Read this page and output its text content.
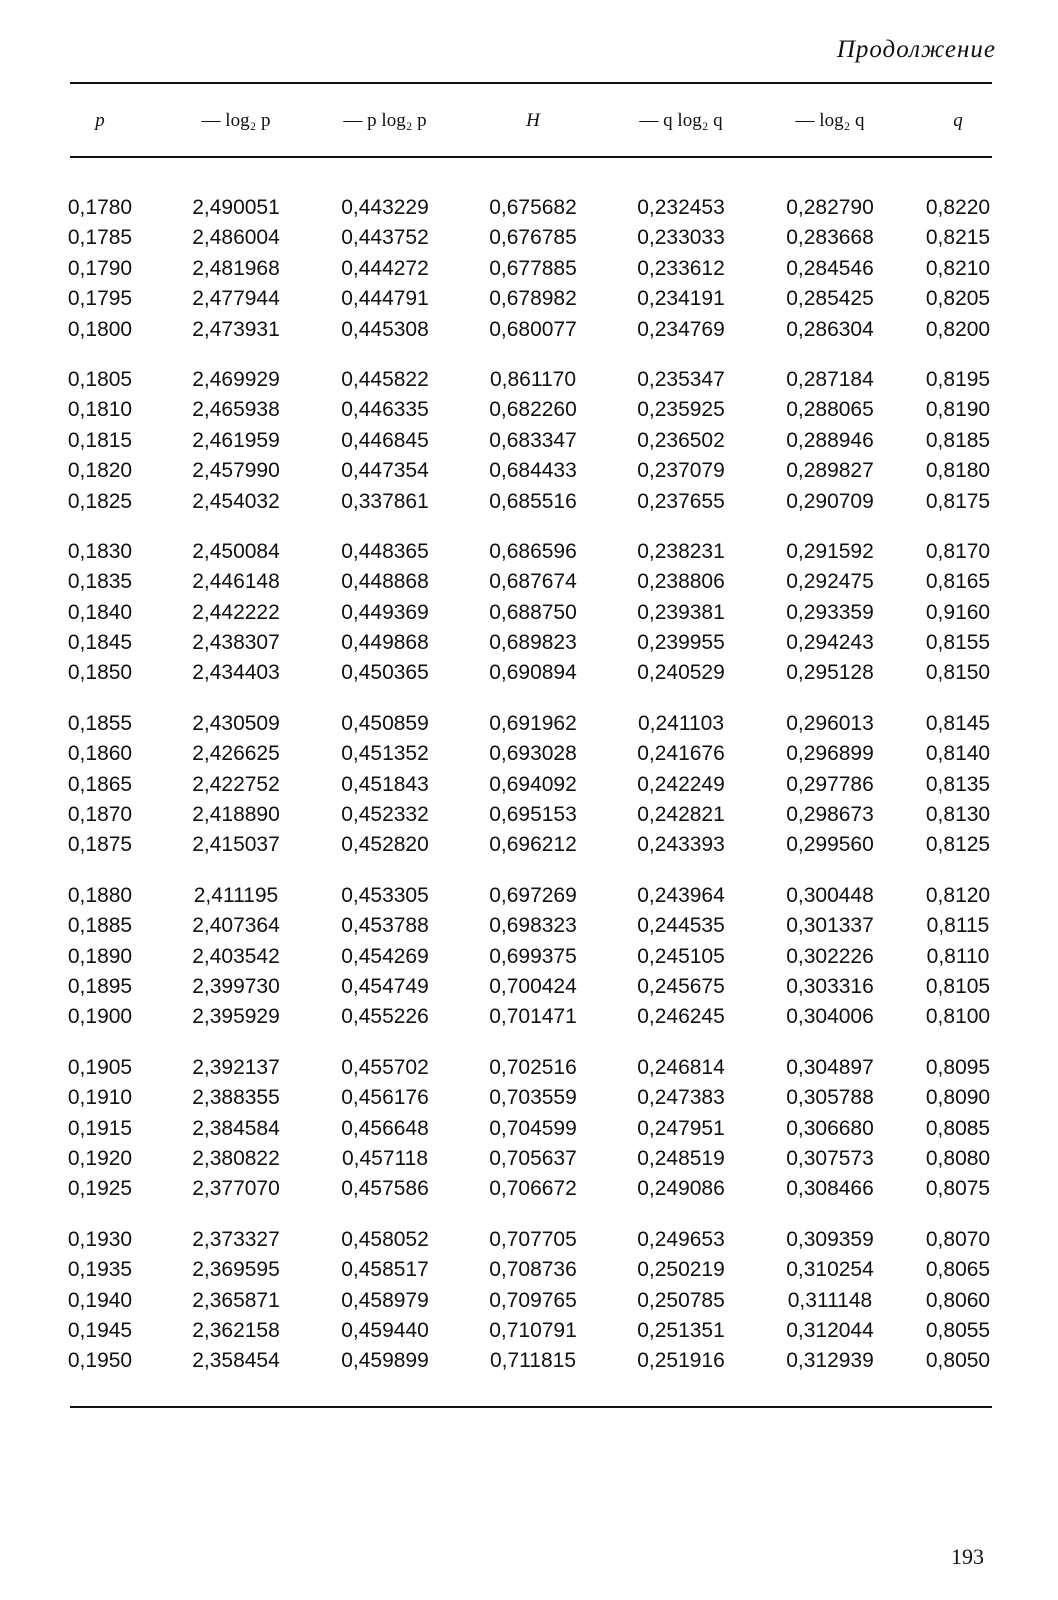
Продолжение
p	— log₂ p	— p log₂ p	H	— q log₂ q	— log₂ q	q
0,1780	2,490051	0,443229	0,675682	0,232453	0,282790	0,8220
0,1785	2,486004	0,443752	0,676785	0,233033	0,283668	0,8215
0,1790	2,481968	0,444272	0,677885	0,233612	0,284546	0,8210
0,1795	2,477944	0,444791	0,678982	0,234191	0,285425	0,8205
0,1800	2,473931	0,445308	0,680077	0,234769	0,286304	0,8200
0,1805	2,469929	0,445822	0,861170	0,235347	0,287184	0,8195
0,1810	2,465938	0,446335	0,682260	0,235925	0,288065	0,8190
0,1815	2,461959	0,446845	0,683347	0,236502	0,288946	0,8185
0,1820	2,457990	0,447354	0,684433	0,237079	0,289827	0,8180
0,1825	2,454032	0,337861	0,685516	0,237655	0,290709	0,8175
0,1830	2,450084	0,448365	0,686596	0,238231	0,291592	0,8170
0,1835	2,446148	0,448868	0,687674	0,238806	0,292475	0,8165
0,1840	2,442222	0,449369	0,688750	0,239381	0,293359	0,9160
0,1845	2,438307	0,449868	0,689823	0,239955	0,294243	0,8155
0,1850	2,434403	0,450365	0,690894	0,240529	0,295128	0,8150
0,1855	2,430509	0,450859	0,691962	0,241103	0,296013	0,8145
0,1860	2,426625	0,451352	0,693028	0,241676	0,296899	0,8140
0,1865	2,422752	0,451843	0,694092	0,242249	0,297786	0,8135
0,1870	2,418890	0,452332	0,695153	0,242821	0,298673	0,8130
0,1875	2,415037	0,452820	0,696212	0,243393	0,299560	0,8125
0,1880	2,411195	0,453305	0,697269	0,243964	0,300448	0,8120
0,1885	2,407364	0,453788	0,698323	0,244535	0,301337	0,8115
0,1890	2,403542	0,454269	0,699375	0,245105	0,302226	0,8110
0,1895	2,399730	0,454749	0,700424	0,245675	0,303316	0,8105
0,1900	2,395929	0,455226	0,701471	0,246245	0,304006	0,8100
0,1905	2,392137	0,455702	0,702516	0,246814	0,304897	0,8095
0,1910	2,388355	0,456176	0,703559	0,247383	0,305788	0,8090
0,1915	2,384584	0,456648	0,704599	0,247951	0,306680	0,8085
0,1920	2,380822	0,457118	0,705637	0,248519	0,307573	0,8080
0,1925	2,377070	0,457586	0,706672	0,249086	0,308466	0,8075
0,1930	2,373327	0,458052	0,707705	0,249653	0,309359	0,8070
0,1935	2,369595	0,458517	0,708736	0,250219	0,310254	0,8065
0,1940	2,365871	0,458979	0,709765	0,250785	0,311148	0,8060
0,1945	2,362158	0,459440	0,710791	0,251351	0,312044	0,8055
0,1950	2,358454	0,459899	0,711815	0,251916	0,312939	0,8050
193
